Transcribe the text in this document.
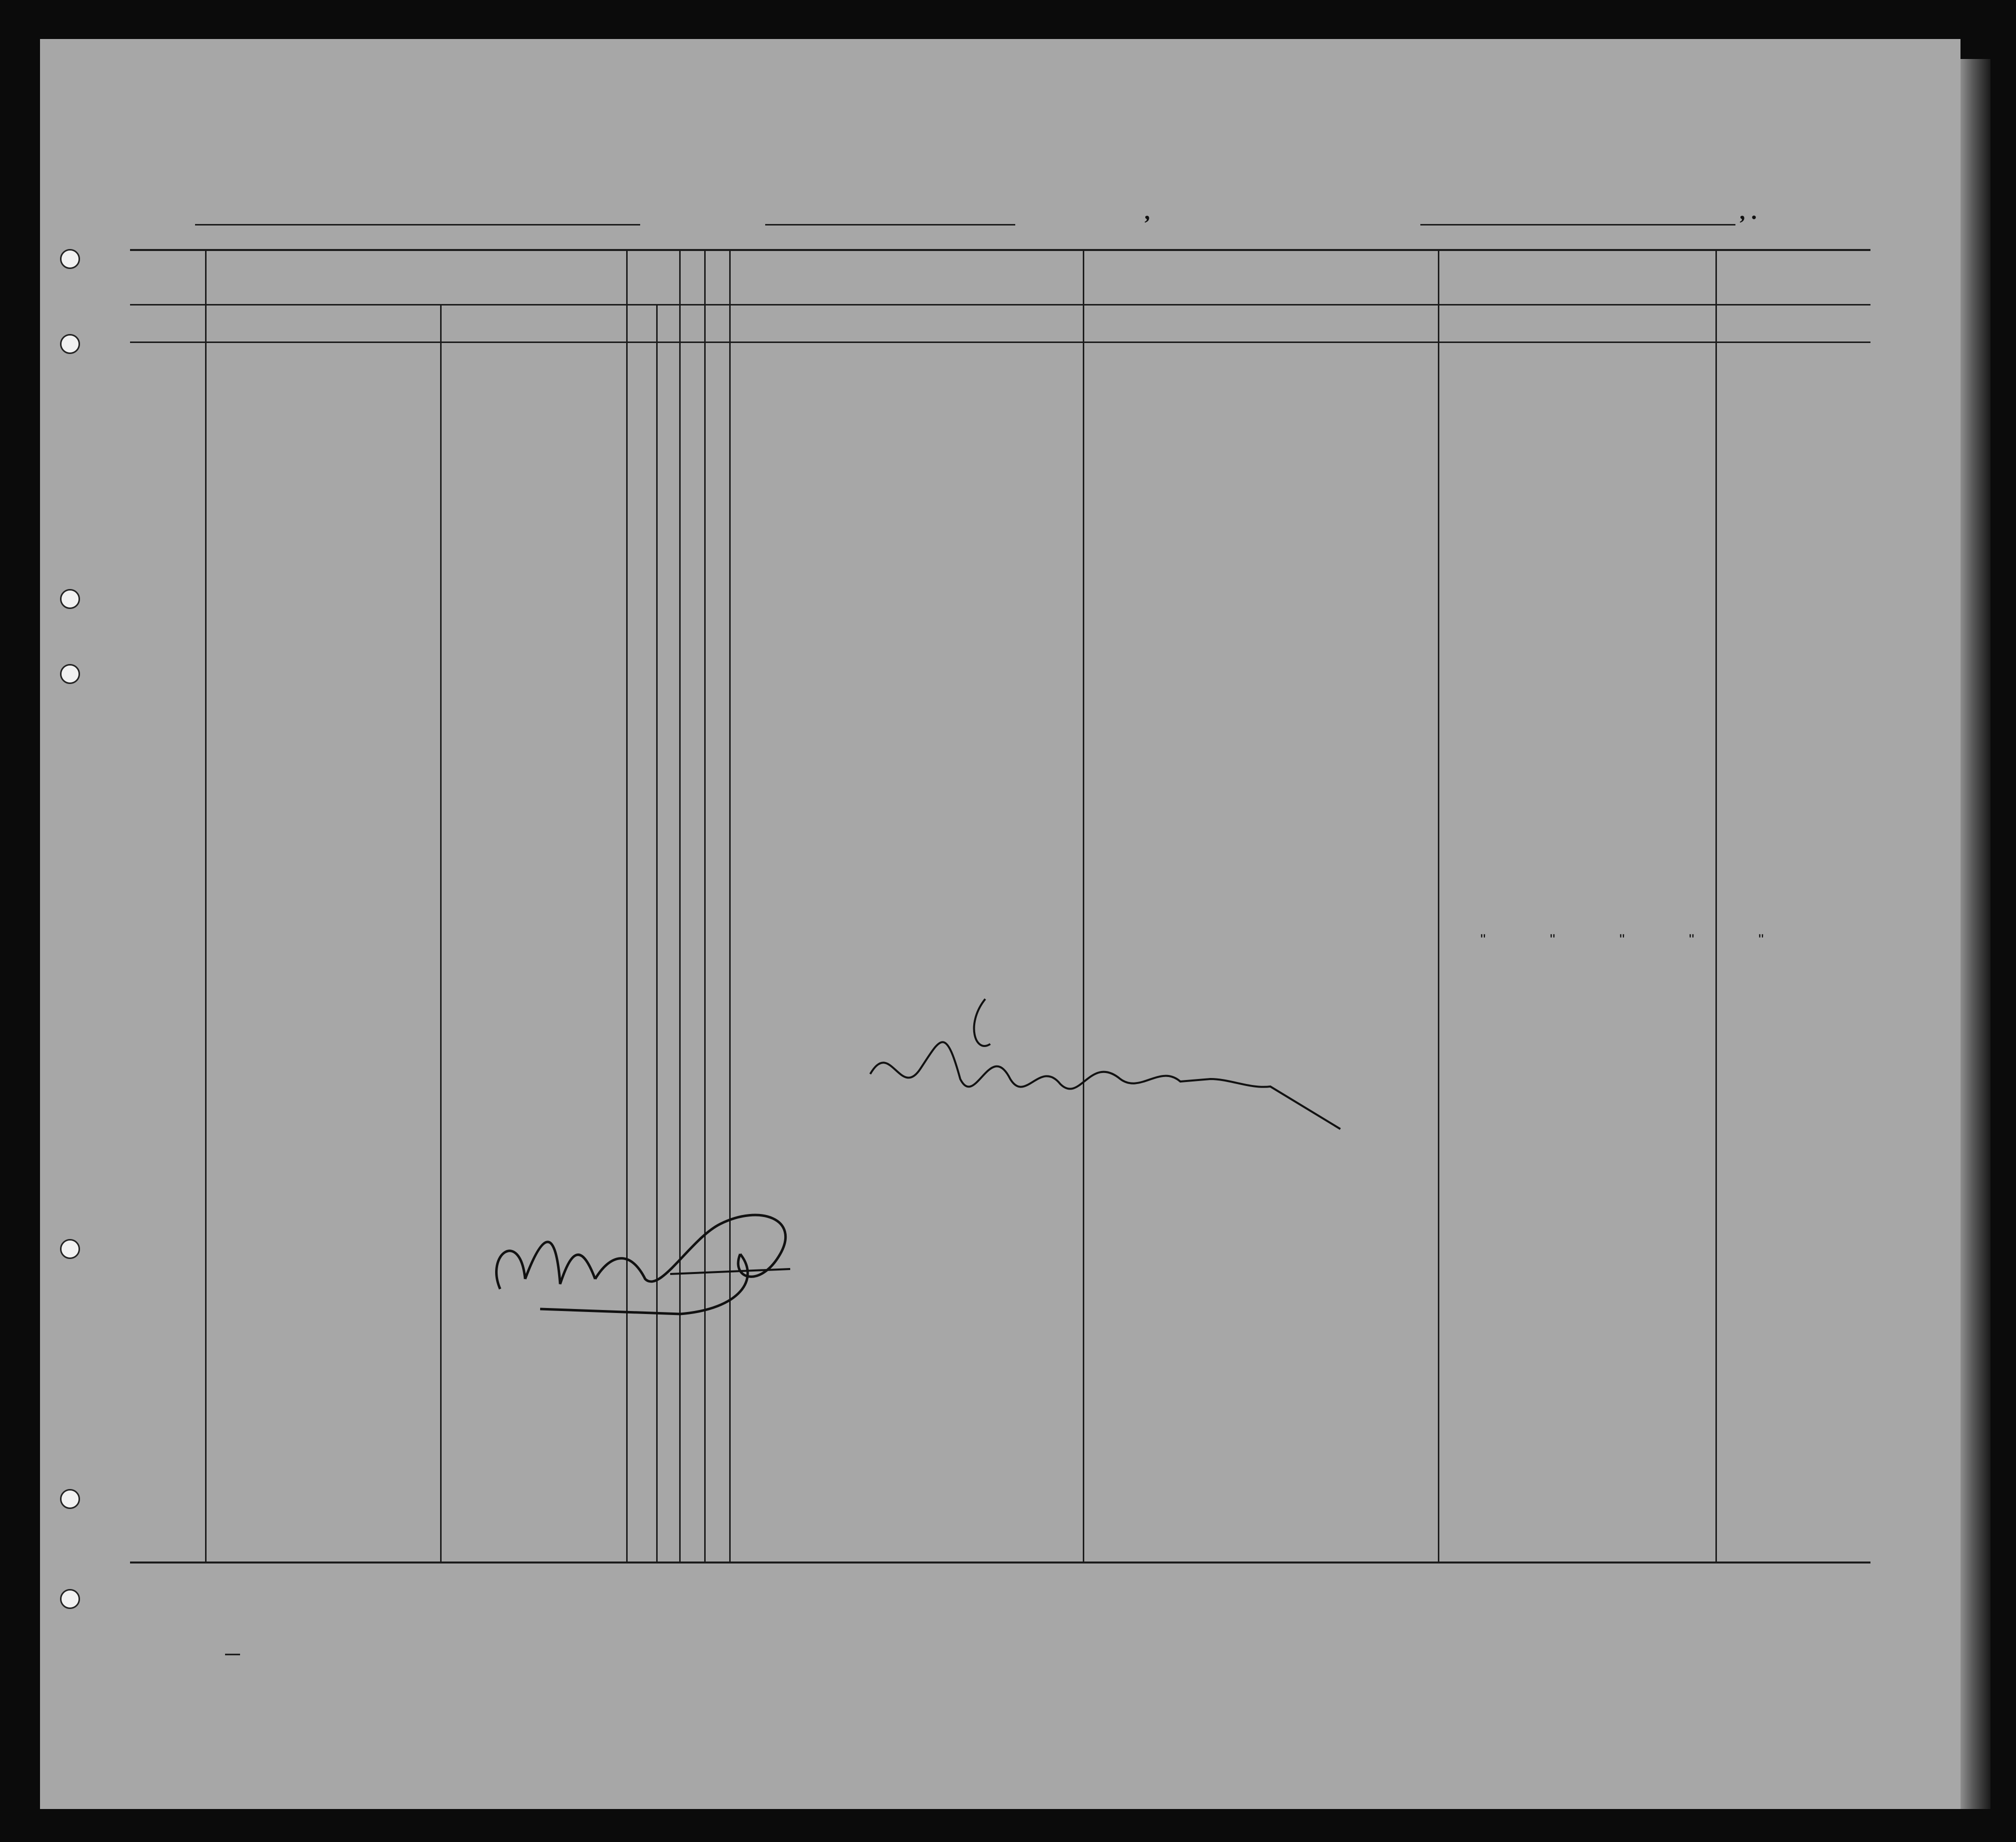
,	, .
" " " " "
—
